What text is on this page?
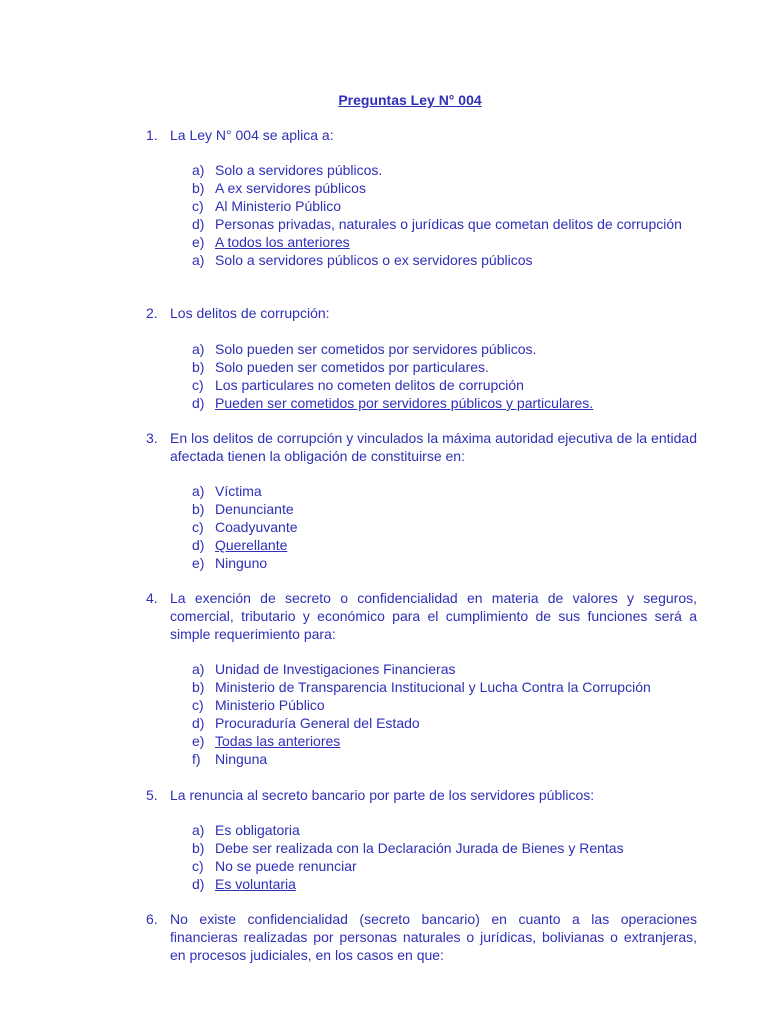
Preguntas Ley N° 004
1. La Ley N° 004 se aplica a:
a) Solo a servidores públicos.
b) A ex servidores públicos
c) Al Ministerio Público
d) Personas privadas, naturales o jurídicas que cometan delitos de corrupción
e) A todos los anteriores
a) Solo a servidores públicos o ex servidores públicos
2. Los delitos de corrupción:
a) Solo pueden ser cometidos por servidores públicos.
b) Solo pueden ser cometidos por particulares.
c) Los particulares no cometen delitos de corrupción
d) Pueden ser cometidos por servidores públicos y particulares.
3. En los delitos de corrupción y vinculados la máxima autoridad ejecutiva de la entidad afectada tienen la obligación de constituirse en:
a) Víctima
b) Denunciante
c) Coadyuvante
d) Querellante
e) Ninguno
4. La exención de secreto o confidencialidad en materia de valores y seguros, comercial, tributario y económico para el cumplimiento de sus funciones será a simple requerimiento para:
a) Unidad de Investigaciones Financieras
b) Ministerio de Transparencia Institucional y Lucha Contra la Corrupción
c) Ministerio Público
d) Procuraduría General del Estado
e) Todas las anteriores
f) Ninguna
5. La renuncia al secreto bancario por parte de los servidores públicos:
a) Es obligatoria
b) Debe ser realizada con la Declaración Jurada de Bienes y Rentas
c) No se puede renunciar
d) Es voluntaria
6. No existe confidencialidad (secreto bancario) en cuanto a las operaciones financieras realizadas por personas naturales o jurídicas, bolivianas o extranjeras, en procesos judiciales, en los casos en que:
